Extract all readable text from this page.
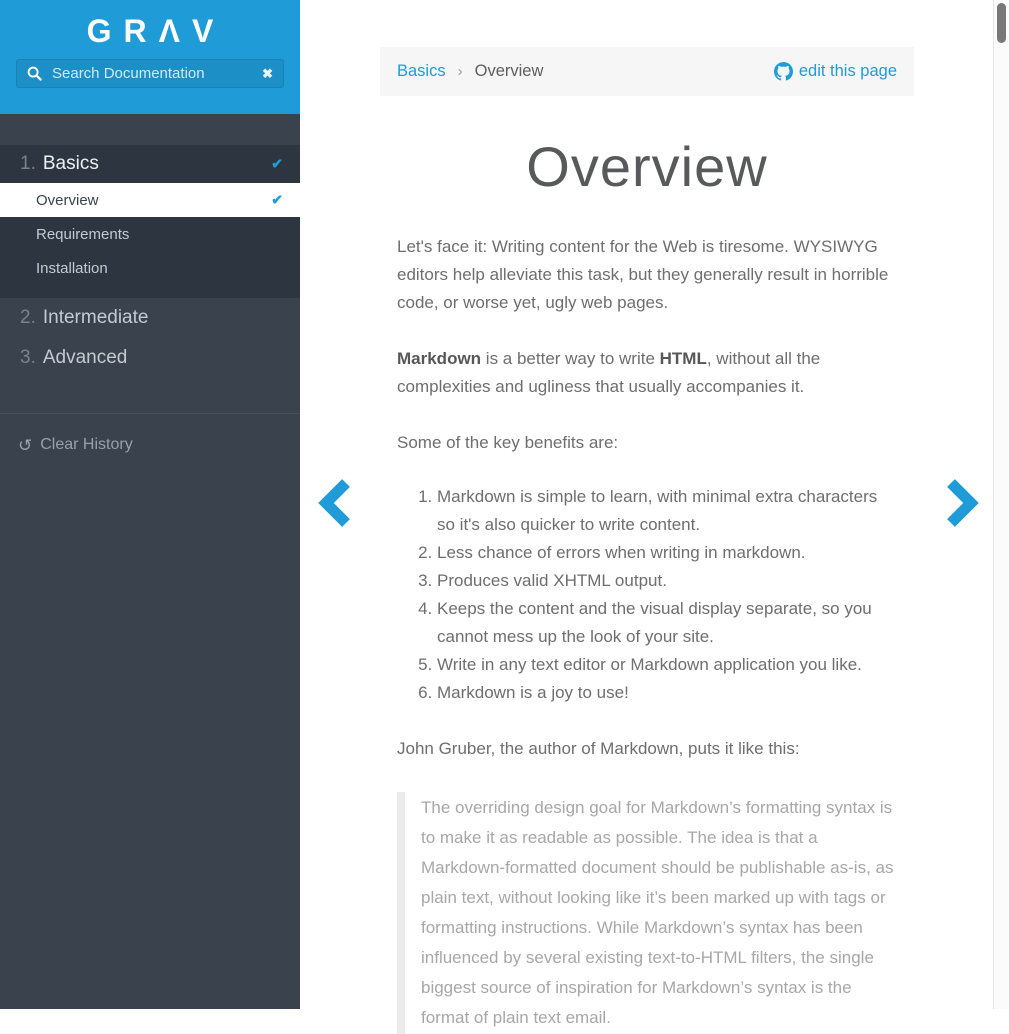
GRΛV
Search Documentation
✖
1. Basics	✔
Overview	✔
Requirements
Installation
2. Intermediate
3. Advanced
↺ Clear History
Basics › Overview	edit this page
Overview

Let's face it: Writing content for the Web is tiresome. WYSIWYG editors help alleviate this task, but they generally result in horrible code, or worse yet, ugly web pages.

Markdown is a better way to write HTML, without all the complexities and ugliness that usually accompanies it.

Some of the key benefits are:

1. Markdown is simple to learn, with minimal extra characters so it's also quicker to write content.
2. Less chance of errors when writing in markdown.
3. Produces valid XHTML output.
4. Keeps the content and the visual display separate, so you cannot mess up the look of your site.
5. Write in any text editor or Markdown application you like.
6. Markdown is a joy to use!

John Gruber, the author of Markdown, puts it like this:

The overriding design goal for Markdown’s formatting syntax is to make it as readable as possible. The idea is that a Markdown-formatted document should be publishable as-is, as plain text, without looking like it’s been marked up with tags or formatting instructions. While Markdown’s syntax has been influenced by several existing text-to-HTML filters, the single biggest source of inspiration for Markdown’s syntax is the format of plain text email.
